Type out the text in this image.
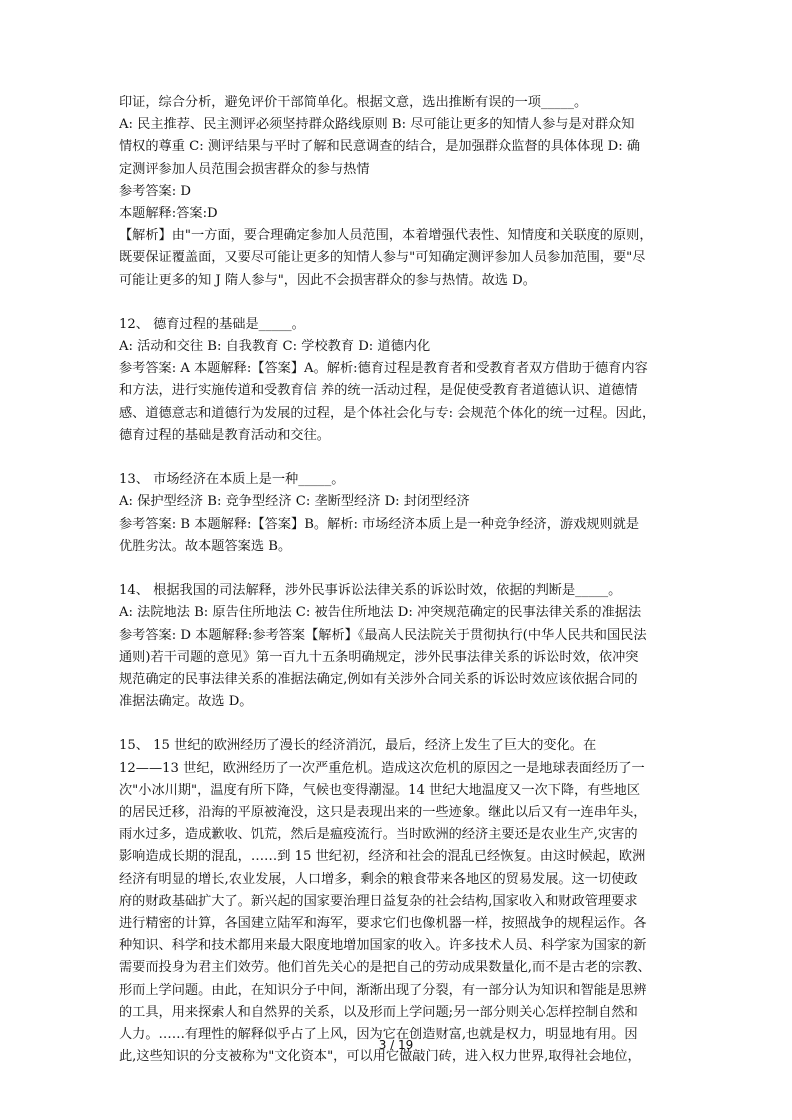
印证，综合分析，避免评价干部简单化。根据文意，选出推断有误的一项_____。
A: 民主推荐、民主测评必须坚持群众路线原则 B: 尽可能让更多的知情人参与是对群众知
情权的尊重 C: 测评结果与平时了解和民意调查的结合，是加强群众监督的具体体现 D: 确
定测评参加人员范围会损害群众的参与热情
参考答案: D
本题解释:答案:D
【解析】由"一方面，要合理确定参加人员范围，本着增强代表性、知情度和关联度的原则，
既要保证覆盖面，又要尽可能让更多的知情人参与"可知确定测评参加人员参加范围，要"尽
可能让更多的知 J 隋人参与"，因此不会损害群众的参与热情。故选 D。
12、 德育过程的基础是_____。
A: 活动和交往 B: 自我教育 C: 学校教育 D: 道德内化
参考答案: A 本题解释:【答案】A。解析:德育过程是教育者和受教育者双方借助于德育内容
和方法，进行实施传道和受教育信 养的统一活动过程，是促使受教育者道德认识、道德情
感、道德意志和道德行为发展的过程，是个体社会化与专: 会规范个体化的统一过程。因此，
德育过程的基础是教育活动和交往。
13、 市场经济在本质上是一种_____。
A: 保护型经济 B: 竞争型经济 C: 垄断型经济 D: 封闭型经济
参考答案: B 本题解释:【答案】B。解析: 市场经济本质上是一种竞争经济，游戏规则就是
优胜劣汰。故本题答案选 B。
14、 根据我国的司法解释，涉外民事诉讼法律关系的诉讼时效，依据的判断是_____。
A: 法院地法 B: 原告住所地法 C: 被告住所地法 D: 冲突规范确定的民事法律关系的准据法
参考答案: D 本题解释:参考答案【解析】《最高人民法院关于贯彻执行(中华人民共和国民法
通则)若干司题的意见》第一百九十五条明确规定，涉外民事法律关系的诉讼时效，依冲突
规范确定的民事法律关系的准据法确定,例如有关涉外合同关系的诉讼时效应该依据合同的
准据法确定。故选 D。
15、 15 世纪的欧洲经历了漫长的经济消沉，最后，经济上发生了巨大的变化。在
12——13 世纪，欧洲经历了一次严重危机。造成这次危机的原因之一是地球表面经历了一
次"小冰川期"，温度有所下降，气候也变得潮湿。14 世纪大地温度又一次下降，有些地区
的居民迁移，沿海的平原被淹没，这只是表现出来的一些迹象。继此以后又有一连串年头，
雨水过多，造成歉收、饥荒，然后是瘟疫流行。当时欧洲的经济主要还是农业生产,灾害的
影响造成长期的混乱，……到 15 世纪初，经济和社会的混乱已经恢复。由这时候起，欧洲
经济有明显的增长,农业发展，人口增多，剩余的粮食带来各地区的贸易发展。这一切使政
府的财政基础扩大了。新兴起的国家要治理日益复杂的社会结构,国家收入和财政管理要求
进行精密的计算，各国建立陆军和海军，要求它们也像机器一样，按照战争的规程运作。各
种知识、科学和技术都用来最大限度地增加国家的收入。许多技术人员、科学家为国家的新
需要而投身为君主们效劳。他们首先关心的是把自己的劳动成果数量化,而不是古老的宗教、
形而上学问题。由此，在知识分子中间，渐渐出现了分裂，有一部分认为知识和智能是思辨
的工具，用来探索人和自然界的关系，以及形而上学问题;另一部分则关心怎样控制自然和
人力。……有理性的解释似乎占了上风，因为它在创造财富,也就是权力，明显地有用。因
此,这些知识的分支被称为"文化资本"，可以用它做敲门砖，进入权力世界,取得社会地位，
3 / 19
